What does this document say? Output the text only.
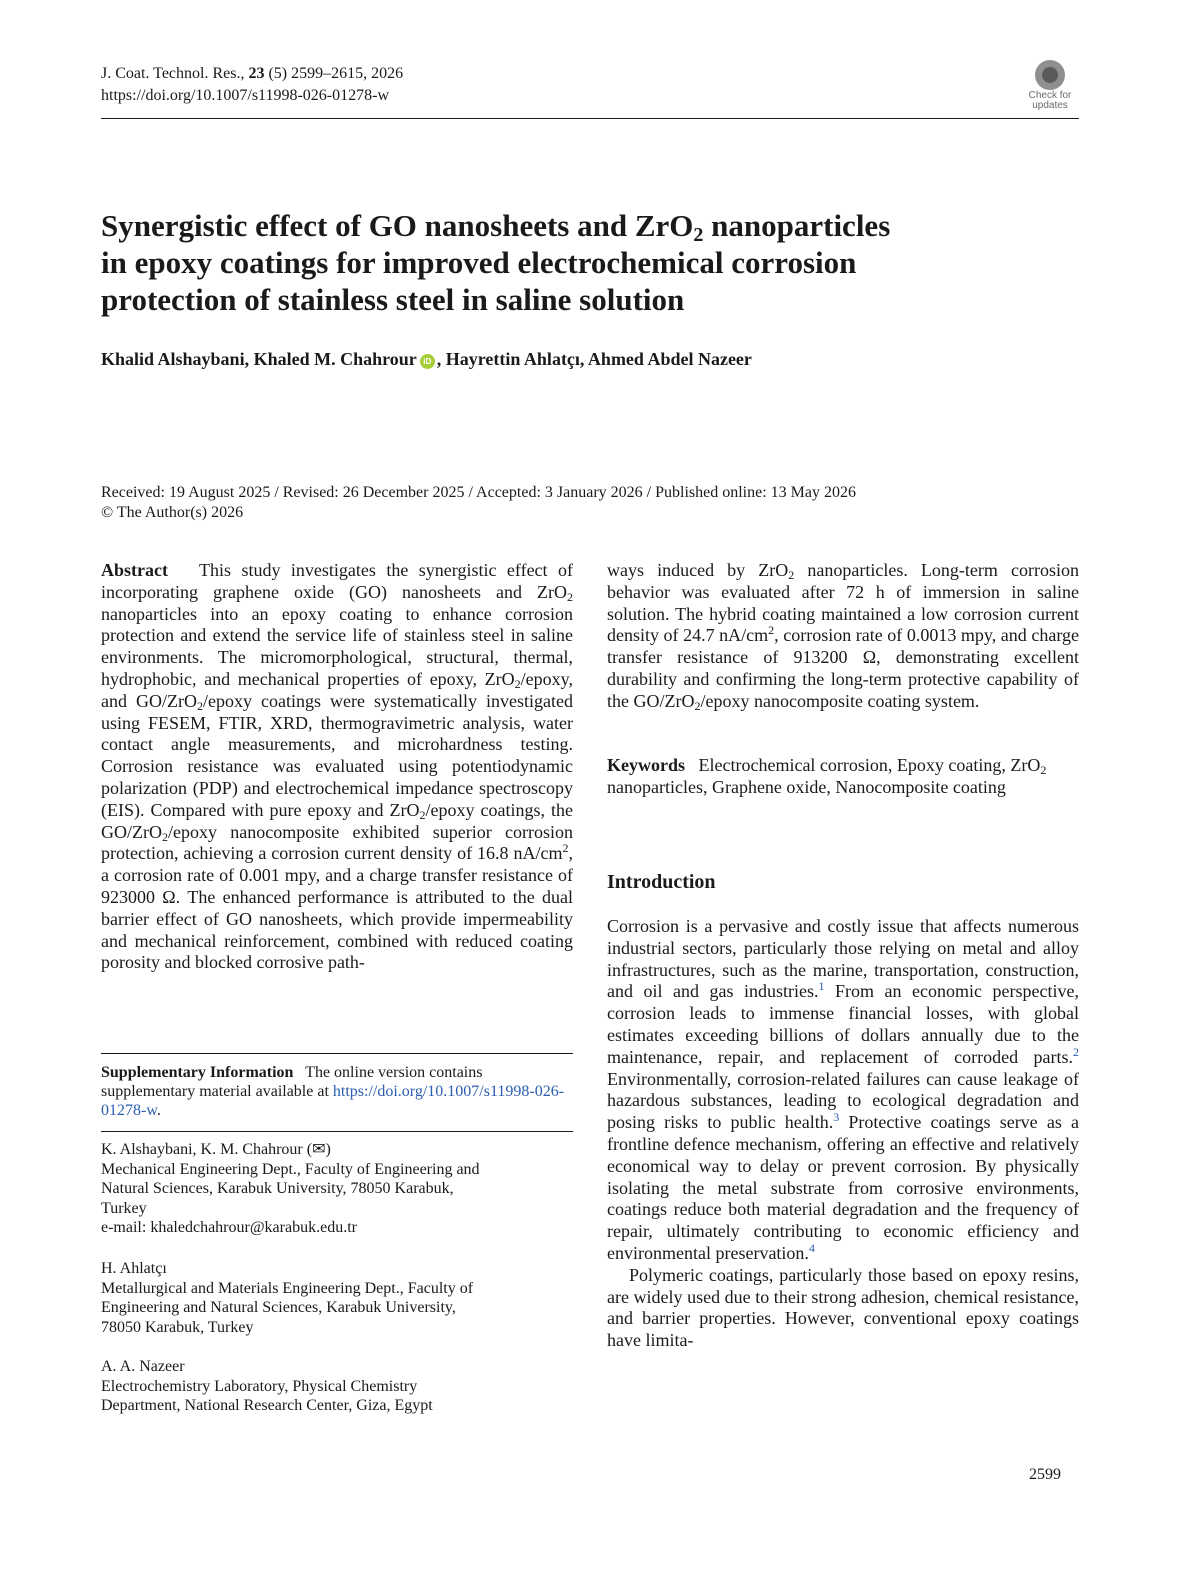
J. Coat. Technol. Res., 23 (5) 2599–2615, 2026
https://doi.org/10.1007/s11998-026-01278-w	Check for
updates
Synergistic effect of GO nanosheets and ZrO$_2$ nanoparticles
in epoxy coatings for improved electrochemical corrosion
protection of stainless steel in saline solution
Khalid Alshaybani, Khaled M. Chahrour iD , Hayrettin Ahlatçı, Ahmed Abdel Nazeer
Received: 19 August 2025 / Revised: 26 December 2025 / Accepted: 3 January 2026 / Published online: 13 May 2026
© The Author(s) 2026

Abstract This study investigates the synergistic effect of incorporating graphene oxide (GO) nanosheets and ZrO$_2$ nanoparticles into an epoxy coating to enhance corrosion protection and extend the service life of stainless steel in saline environments. The micromorphological, structural, thermal, hydrophobic, and mechanical properties of epoxy, ZrO$_2$/epoxy, and GO/ZrO$_2$/epoxy coatings were systematically investigated using FESEM, FTIR, XRD, thermogravimetric analysis, water contact angle measurements, and microhardness testing. Corrosion resistance was evaluated using potentiodynamic polarization (PDP) and electrochemical impedance spectroscopy (EIS). Compared with pure epoxy and ZrO$_2$/epoxy coatings, the GO/ZrO$_2$/epoxy nanocomposite exhibited superior corrosion protection, achieving a corrosion current density of 16.8 $nA/cm^2$, a corrosion rate of 0.001 mpy, and a charge transfer resistance of 923000 Ω. The enhanced performance is attributed to the dual barrier effect of GO nanosheets, which provide impermeability and mechanical reinforcement, combined with reduced coating porosity and blocked corrosive path-

Supplementary Information The online version contains supplementary material available at https://doi.org/10.1007/s11998-026-01278-w.
K. Alshaybani, K. M. Chahrour (✉)
Mechanical Engineering Dept., Faculty of Engineering and
Natural Sciences, Karabuk University, 78050 Karabuk,
Turkey
e-mail: khaledchahrour@karabuk.edu.tr
H. Ahlatçı
Metallurgical and Materials Engineering Dept., Faculty of
Engineering and Natural Sciences, Karabuk University,
78050 Karabuk, Turkey
A. A. Nazeer
Electrochemistry Laboratory, Physical Chemistry
Department, National Research Center, Giza, Egypt

ways induced by ZrO$_2$ nanoparticles. Long-term corrosion behavior was evaluated after 72 h of immersion in saline solution. The hybrid coating maintained a low corrosion current density of 24.7 $nA/cm^2$, corrosion rate of 0.0013 mpy, and charge transfer resistance of 913200 Ω, demonstrating excellent durability and confirming the long-term protective capability of the GO/ZrO$_2$/epoxy nanocomposite coating system.

Keywords Electrochemical corrosion, Epoxy coating, ZrO$_2$ nanoparticles, Graphene oxide, Nanocomposite coating

Introduction

Corrosion is a pervasive and costly issue that affects numerous industrial sectors, particularly those relying on metal and alloy infrastructures, such as the marine, transportation, construction, and oil and gas industries.$^1$ From an economic perspective, corrosion leads to immense financial losses, with global estimates exceeding billions of dollars annually due to the maintenance, repair, and replacement of corroded parts.$^2$ Environmentally, corrosion-related failures can cause leakage of hazardous substances, leading to ecological degradation and posing risks to public health.$^3$ Protective coatings serve as a frontline defence mechanism, offering an effective and relatively economical way to delay or prevent corrosion. By physically isolating the metal substrate from corrosive environments, coatings reduce both material degradation and the frequency of repair, ultimately contributing to economic efficiency and environmental preservation.$^4$

Polymeric coatings, particularly those based on epoxy resins, are widely used due to their strong adhesion, chemical resistance, and barrier properties. However, conventional epoxy coatings have limita-

2599
